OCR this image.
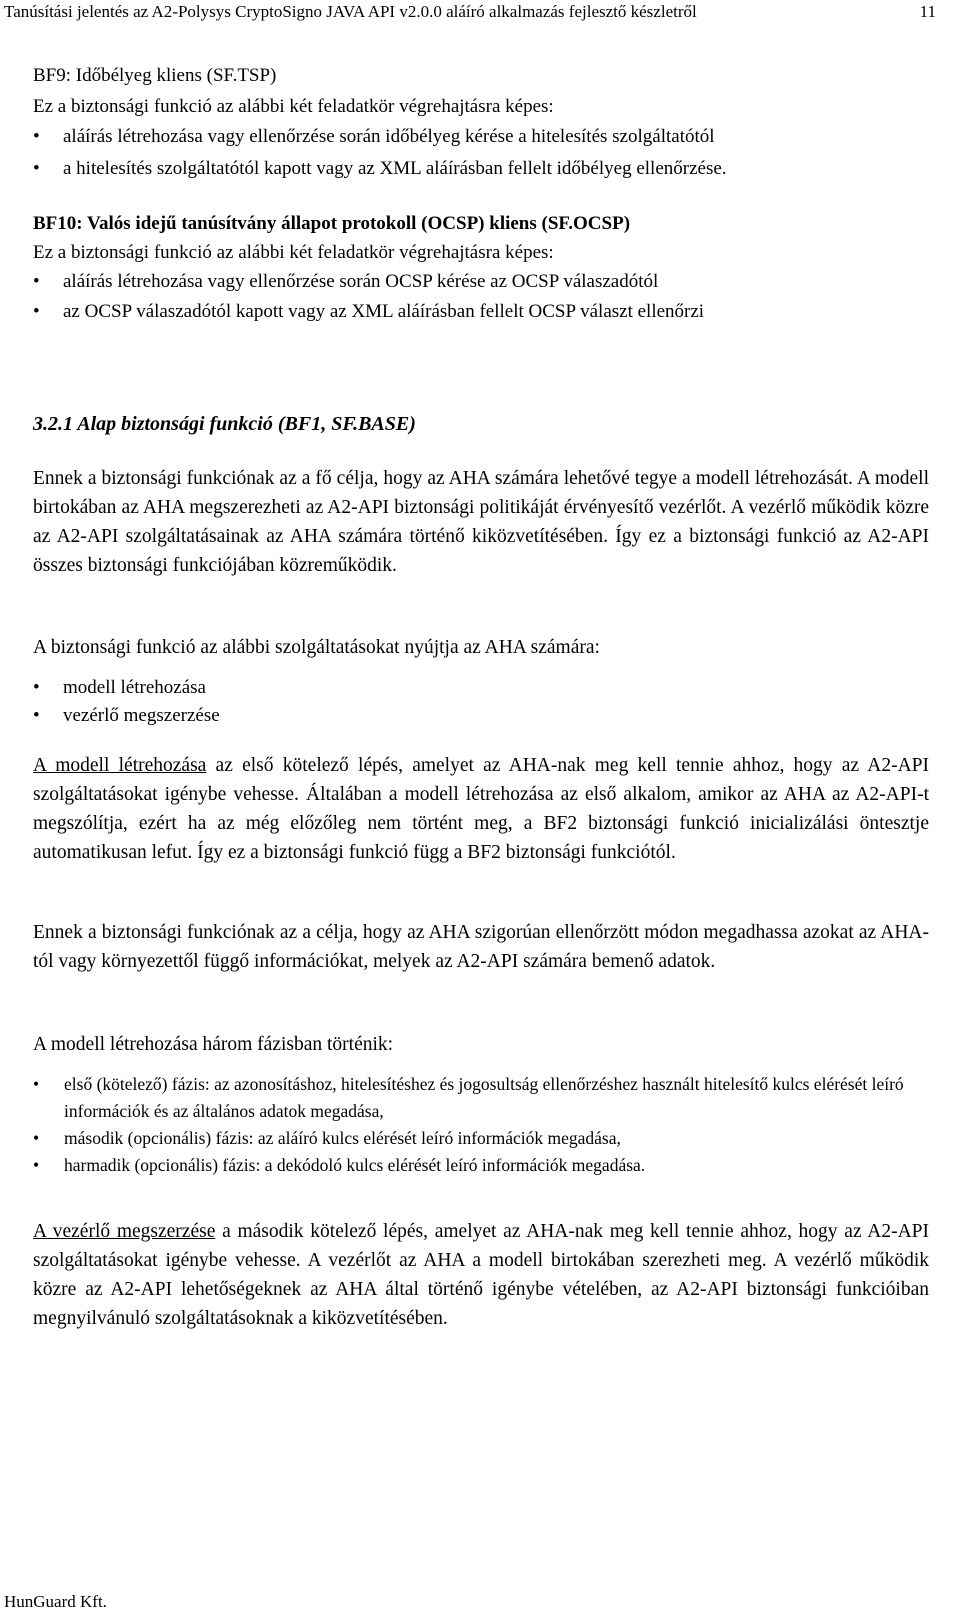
Tanúsítási jelentés az A2-Polysys CryptoSigno JAVA API v2.0.0 aláíró alkalmazás fejlesztő készletről	11
BF9: Időbélyeg kliens (SF.TSP)
Ez a biztonsági funkció az alábbi két feladatkör végrehajtásra képes:
•	aláírás létrehozása vagy ellenőrzése során időbélyeg kérése a hitelesítés szolgáltatótól
•	a hitelesítés szolgáltatótól kapott vagy az XML aláírásban fellelt időbélyeg ellenőrzése.
BF10: Valós idejű tanúsítvány állapot protokoll (OCSP) kliens (SF.OCSP)
Ez a biztonsági funkció az alábbi két feladatkör végrehajtásra képes:
•	aláírás létrehozása vagy ellenőrzése során OCSP kérése az OCSP válaszadótól
•	az OCSP válaszadótól kapott vagy az XML aláírásban fellelt OCSP választ ellenőrzi
3.2.1 Alap biztonsági funkció (BF1, SF.BASE)
Ennek a biztonsági funkciónak az a fő célja, hogy az AHA számára lehetővé tegye a modell létrehozását. A modell birtokában az AHA megszerezheti az A2-API biztonsági politikáját érvényesítő vezérlőt. A vezérlő működik közre az A2-API szolgáltatásainak az AHA számára történő kiközvetítésében. Így ez a biztonsági funkció az A2-API összes biztonsági funkciójában közreműködik.
A biztonsági funkció az alábbi szolgáltatásokat nyújtja az AHA számára:
•	modell létrehozása
•	vezérlő megszerzése
A modell létrehozása az első kötelező lépés, amelyet az AHA-nak meg kell tennie ahhoz, hogy az A2-API szolgáltatásokat igénybe vehesse. Általában a modell létrehozása az első alkalom, amikor az AHA az A2-API-t megszólítja, ezért ha az még előzőleg nem történt meg, a BF2 biztonsági funkció inicializálási öntesztje automatikusan lefut. Így ez a biztonsági funkció függ a BF2 biztonsági funkciótól.
Ennek a biztonsági funkciónak az a célja, hogy az AHA szigorúan ellenőrzött módon megadhassa azokat az AHA-tól vagy környezettől függő információkat, melyek az A2-API számára bemenő adatok.
A modell létrehozása három fázisban történik:
• első (kötelező) fázis: az azonosításhoz, hitelesítéshez és jogosultság ellenőrzéshez használt hitelesítő kulcs elérését leíró információk és az általános adatok megadása,
• második (opcionális) fázis: az aláíró kulcs elérését leíró információk megadása,
• harmadik (opcionális) fázis: a dekódoló kulcs elérését leíró információk megadása.
A vezérlő megszerzése a második kötelező lépés, amelyet az AHA-nak meg kell tennie ahhoz, hogy az A2-API szolgáltatásokat igénybe vehesse. A vezérlőt az AHA a modell birtokában szerezheti meg. A vezérlő működik közre az A2-API lehetőségeknek az AHA által történő igénybe vételében, az A2-API biztonsági funkcióiban megnyilvánuló szolgáltatásoknak a kiközvetítésében.
HunGuard Kft.
